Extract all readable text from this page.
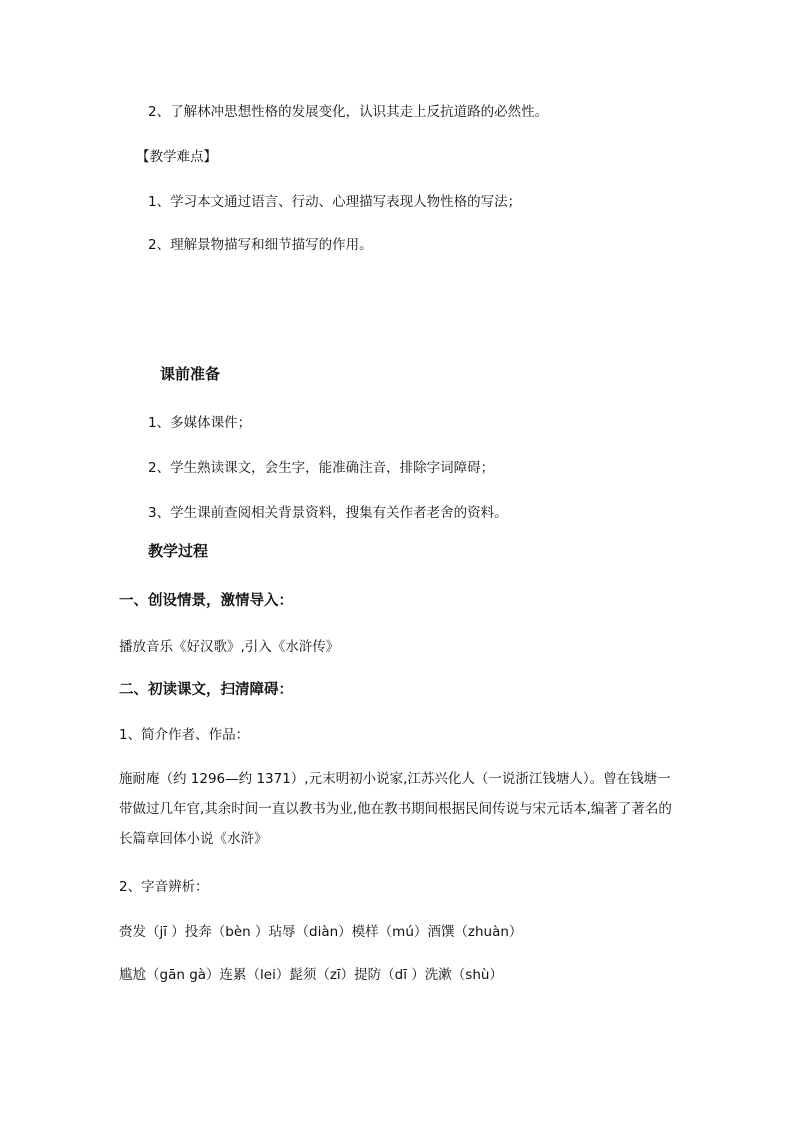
2、了解林冲思想性格的发展变化，认识其走上反抗道路的必然性。
【教学难点】
1、学习本文通过语言、行动、心理描写表现人物性格的写法；
2、理解景物描写和细节描写的作用。
课前准备
1、多媒体课件；
2、学生熟读课文，会生字，能准确注音，排除字词障碍；
3、学生课前查阅相关背景资料，搜集有关作者老舍的资料。
教学过程
一、创设情景，激情导入：
播放音乐《好汉歌》,引入《水浒传》
二、初读课文，扫清障碍：
1、简介作者、作品：
施耐庵（约 1296—约 1371）,元末明初小说家,江苏兴化人（一说浙江钱塘人）。曾在钱塘一带做过几年官,其余时间一直以教书为业,他在教书期间根据民间传说与宋元话本,编著了著名的长篇章回体小说《水浒》
2、字音辨析：
赍发（jī ）投奔（bèn ）玷辱（diàn）模样（mú）酒馔（zhuàn）
尴尬（gān gà）连累（lei）髭须（zī）提防（dī ）洗漱（shù）
